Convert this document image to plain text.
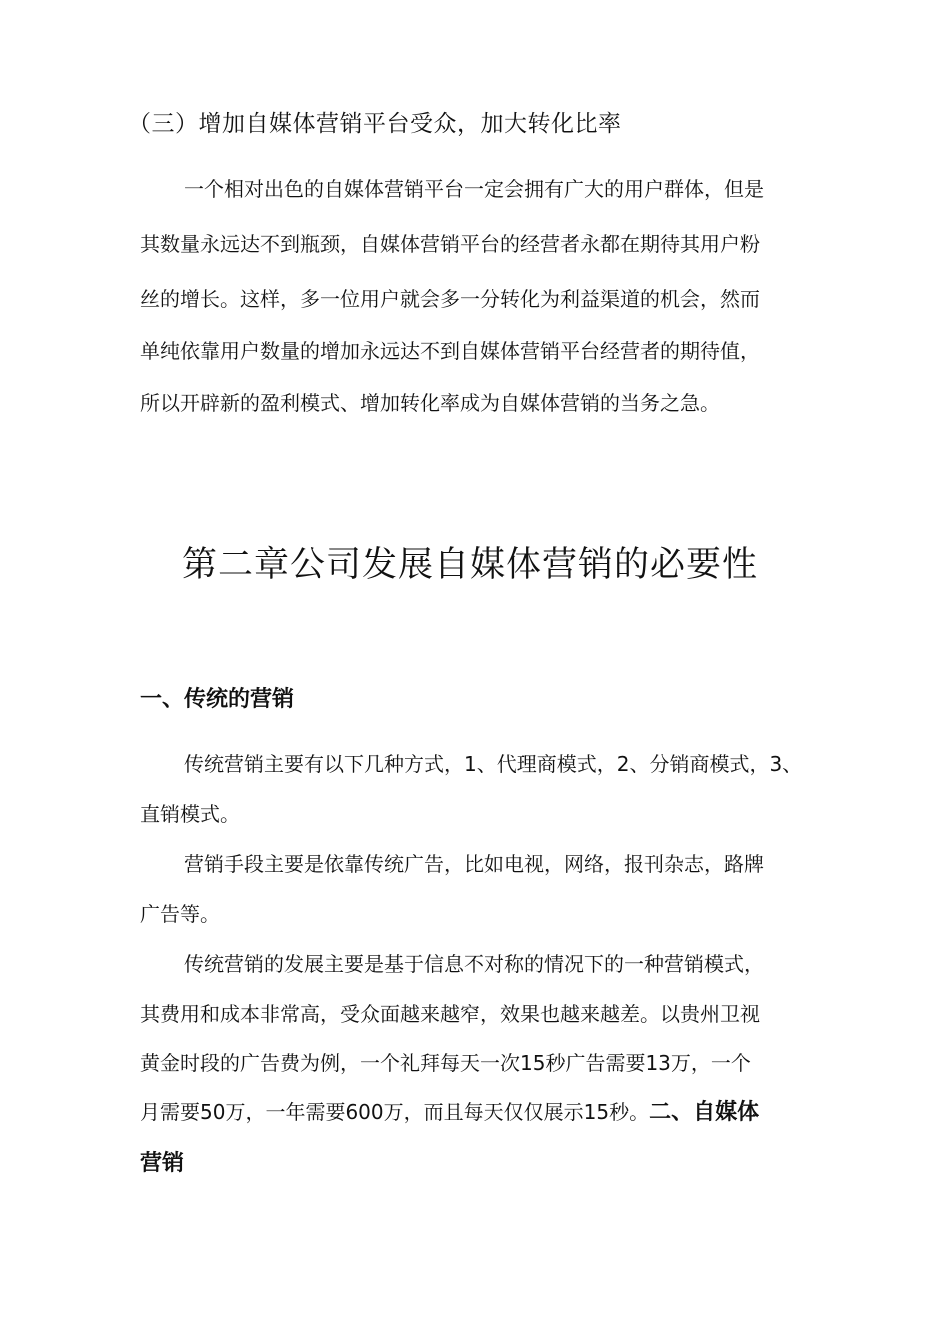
（三）增加自媒体营销平台受众，加大转化比率
一个相对出色的自媒体营销平台一定会拥有广大的用户群体，但是
其数量永远达不到瓶颈，自媒体营销平台的经营者永都在期待其用户粉
丝的增长。这样，多一位用户就会多一分转化为利益渠道的机会，然而
单纯依靠用户数量的增加永远达不到自媒体营销平台经营者的期待值，
所以开辟新的盈利模式、增加转化率成为自媒体营销的当务之急。
第二章公司发展自媒体营销的必要性
一、传统的营销
传统营销主要有以下几种方式，1、代理商模式，2、分销商模式，3、
直销模式。
营销手段主要是依靠传统广告，比如电视，网络，报刊杂志，路牌
广告等。
传统营销的发展主要是基于信息不对称的情况下的一种营销模式，
其费用和成本非常高，受众面越来越窄，效果也越来越差。以贵州卫视
黄金时段的广告费为例，一个礼拜每天一次15秒广告需要13万，一个
月需要50万，一年需要600万，而且每天仅仅展示15秒。二、自媒体
营销
